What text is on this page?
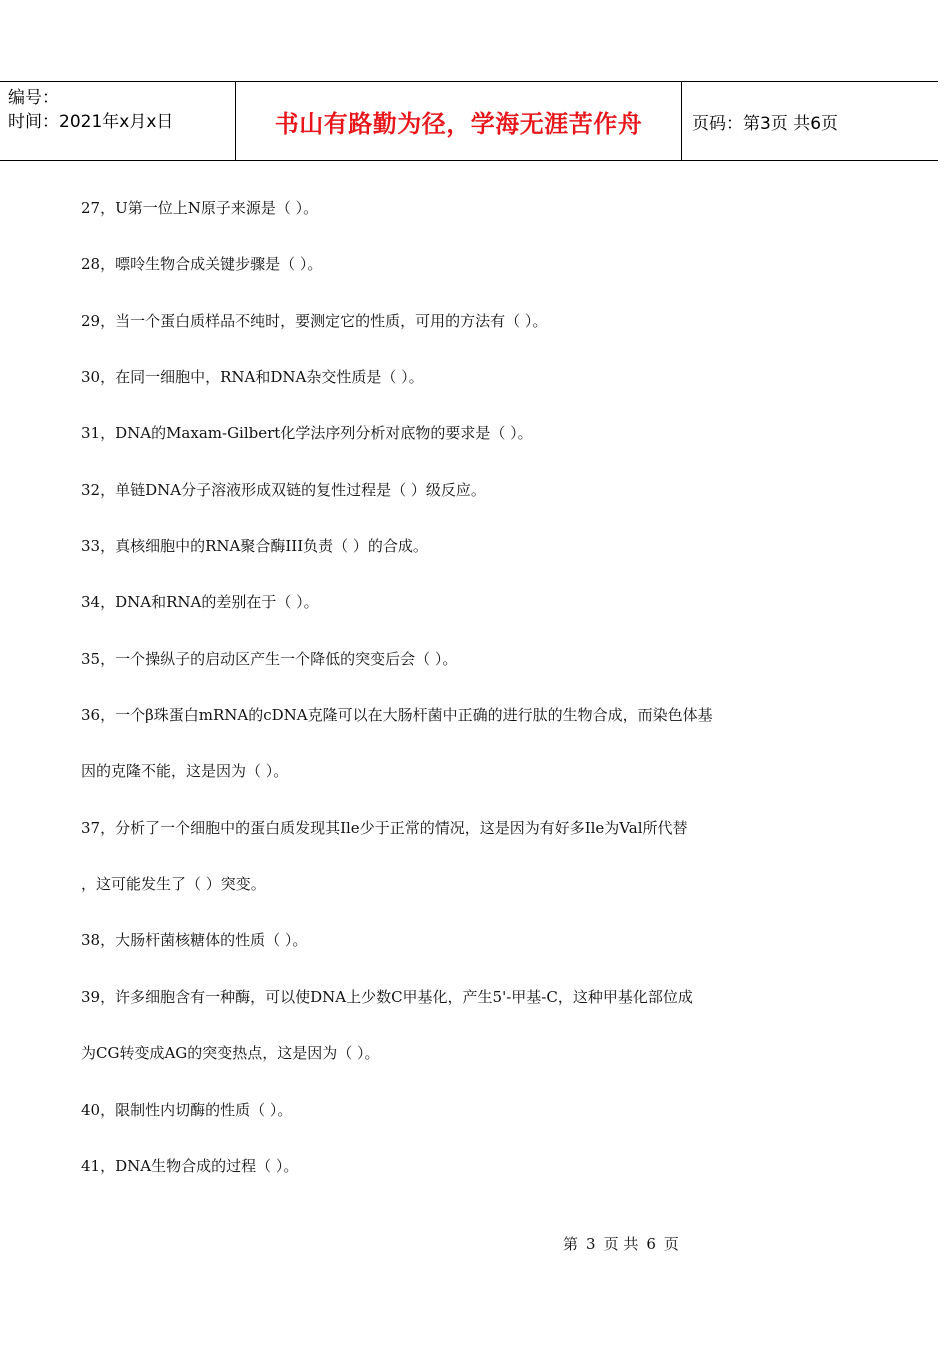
编号：
时间：2021年x月x日	书山有路勤为径，学海无涯苦作舟	页码：第3页 共6页
27，U第一位上N原子来源是（ ）。
28，嘌呤生物合成关键步骤是（ ）。
29，当一个蛋白质样品不纯时，要测定它的性质，可用的方法有（ ）。
30，在同一细胞中，RNA和DNA杂交性质是（ ）。
31，DNA的Maxam-Gilbert化学法序列分析对底物的要求是（ ）。
32，单链DNA分子溶液形成双链的复性过程是（ ）级反应。
33，真核细胞中的RNA聚合酶III负责（ ）的合成。
34，DNA和RNA的差别在于（ ）。
35，一个操纵子的启动区产生一个降低的突变后会（ ）。
36，一个β珠蛋白mRNA的cDNA克隆可以在大肠杆菌中正确的进行肽的生物合成，而染色体基
因的克隆不能，这是因为（ ）。
37，分析了一个细胞中的蛋白质发现其Ile少于正常的情况，这是因为有好多Ile为Val所代替
，这可能发生了（ ）突变。
38，大肠杆菌核糖体的性质（ ）。
39，许多细胞含有一种酶，可以使DNA上少数C甲基化，产生5'-甲基-C，这种甲基化部位成
为CG转变成AG的突变热点，这是因为（ ）。
40，限制性内切酶的性质（ ）。
41，DNA生物合成的过程（ ）。
第 3 页 共 6 页
